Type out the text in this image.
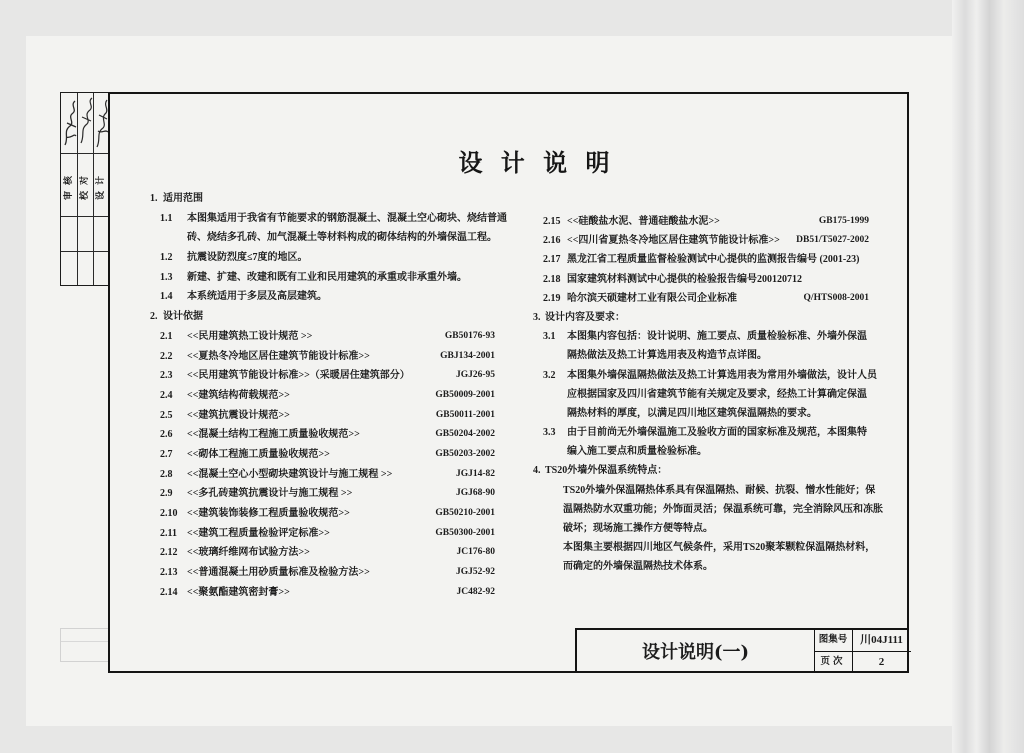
审核 校对 设计
设 计 说 明
1. 适用范围
1.1 本图集适用于我省有节能要求的钢筋混凝土、混凝土空心砌块、烧结普通
砖、烧结多孔砖、加气混凝土等材料构成的砌体结构的外墙保温工程。
1.2 抗震设防烈度≤7度的地区。
1.3 新建、扩建、改建和既有工业和民用建筑的承重或非承重外墙。
1.4 本系统适用于多层及高层建筑。
2. 设计依据
2.1 <<民用建筑热工设计规范 >>	GB50176-93
2.2 <<夏热冬冷地区居住建筑节能设计标准>>	GBJ134-2001
2.3 <<民用建筑节能设计标准>>（采暖居住建筑部分）	JGJ26-95
2.4 <<建筑结构荷载规范>>	GB50009-2001
2.5 <<建筑抗震设计规范>>	GB50011-2001
2.6 <<混凝土结构工程施工质量验收规范>>	GB50204-2002
2.7 <<砌体工程施工质量验收规范>>	GB50203-2002
2.8 <<混凝土空心小型砌块建筑设计与施工规程 >>	JGJ14-82
2.9 <<多孔砖建筑抗震设计与施工规程 >>	JGJ68-90
2.10 <<建筑装饰装修工程质量验收规范>>	GB50210-2001
2.11 <<建筑工程质量检验评定标准>>	GB50300-2001
2.12 <<玻璃纤维网布试验方法>>	JC176-80
2.13 <<普通混凝土用砂质量标准及检验方法>>	JGJ52-92
2.14 <<聚氨酯建筑密封膏>>	JC482-92
2.15 <<硅酸盐水泥、普通硅酸盐水泥>>	GB175-1999
2.16 <<四川省夏热冬冷地区居住建筑节能设计标准>> DB51/T5027-2002
2.17 黑龙江省工程质量监督检验测试中心提供的监测报告编号 (2001-23)
2.18 国家建筑材料测试中心提供的检验报告编号200120712
2.19 哈尔滨天硕建材工业有限公司企业标准	Q/HTS008-2001
3. 设计内容及要求：
3.1 本图集内容包括：设计说明、施工要点、质量检验标准、外墙外保温
隔热做法及热工计算选用表及构造节点详图。
3.2 本图集外墙保温隔热做法及热工计算选用表为常用外墙做法，设计人员
应根据国家及四川省建筑节能有关规定及要求，经热工计算确定保温
隔热材料的厚度，以满足四川地区建筑保温隔热的要求。
3.3 由于目前尚无外墙保温施工及验收方面的国家标准及规范，本图集特
编入施工要点和质量检验标准。
4. TS20外墙外保温系统特点：
TS20外墙外保温隔热体系具有保温隔热、耐候、抗裂、憎水性能好；保
温隔热防水双重功能；外饰面灵活；保温系统可靠，完全消除风压和冻胀
破坏；现场施工操作方便等特点。
本图集主要根据四川地区气候条件，采用TS20聚苯颗粒保温隔热材料，
而确定的外墙保温隔热技术体系。
设计说明(一)
图集号	川04J111
页次	2
